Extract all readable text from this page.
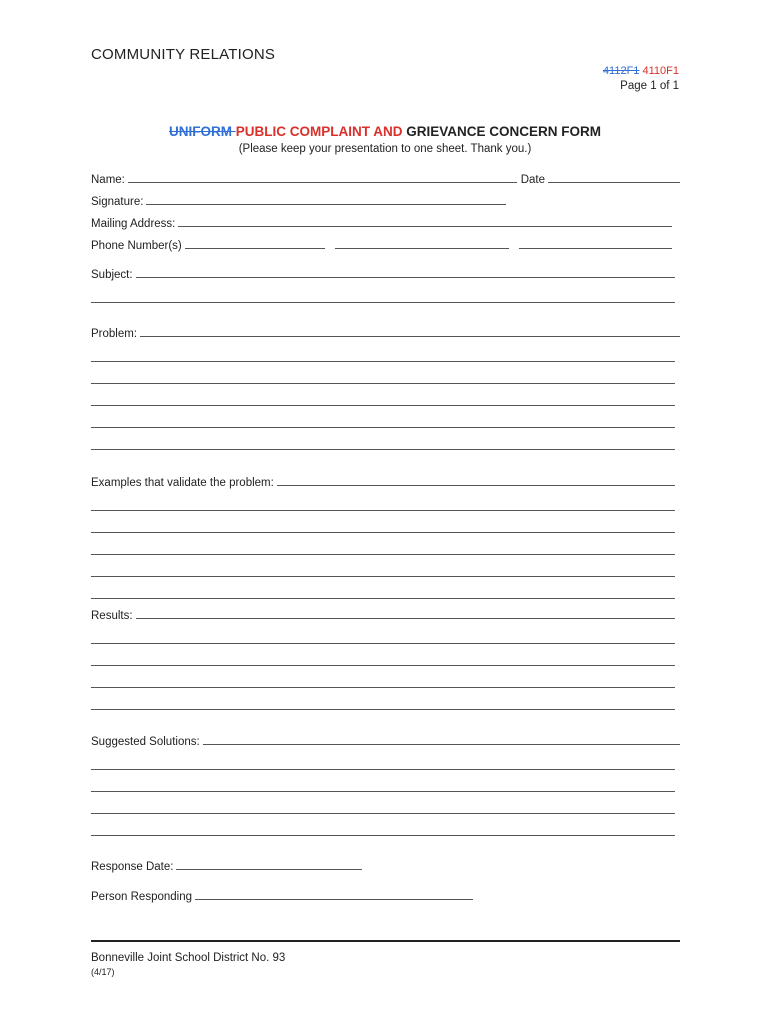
COMMUNITY RELATIONS
4112F1 4110F1
Page 1 of 1
UNIFORM PUBLIC COMPLAINT AND GRIEVANCE CONCERN FORM
(Please keep your presentation to one sheet. Thank you.)
Name:	Date
Signature:
Mailing Address:
Phone Number(s)
Subject:
Problem:
Examples that validate the problem:
Results:
Suggested Solutions:
Response Date:
Person Responding
Bonneville Joint School District No. 93
(4/17)
